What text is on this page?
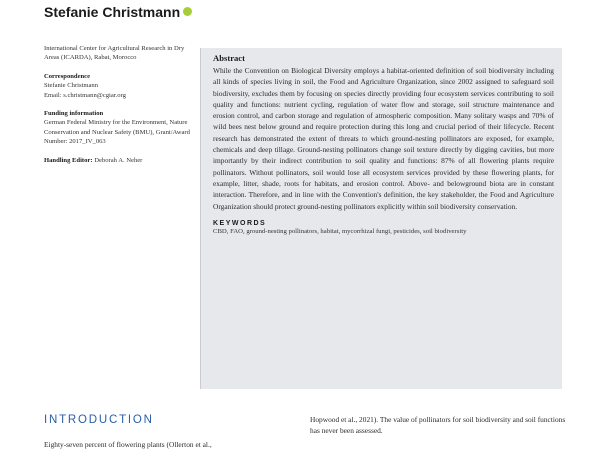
Stefanie Christmann
International Center for Agricultural Research in Dry Areas (ICARDA), Rabat, Morocco
Correspondence
Stefanie Christmann
Email: s.christmann@cgiar.org
Funding information
German Federal Ministry for the Environment, Nature Conservation and Nuclear Safety (BMU), Grant/Award Number: 2017_IV_063
Handling Editor: Deborah A. Neher
Abstract
While the Convention on Biological Diversity employs a habitat-oriented definition of soil biodiversity including all kinds of species living in soil, the Food and Agriculture Organization, since 2002 assigned to safeguard soil biodiversity, excludes them by focusing on species directly providing four ecosystem services contributing to soil quality and functions: nutrient cycling, regulation of water flow and storage, soil structure maintenance and erosion control, and carbon storage and regulation of atmospheric composition. Many solitary wasps and 70% of wild bees nest below ground and require protection during this long and crucial period of their lifecycle. Recent research has demonstrated the extent of threats to which ground-nesting pollinators are exposed, for example, chemicals and deep tillage. Ground-nesting pollinators change soil texture directly by digging cavities, but more importantly by their indirect contribution to soil quality and functions: 87% of all flowering plants require pollinators. Without pollinators, soil would lose all ecosystem services provided by these flowering plants, for example, litter, shade, roots for habitats, and erosion control. Above- and belowground biota are in constant interaction. Therefore, and in line with the Convention's definition, the key stakeholder, the Food and Agriculture Organization should protect ground-nesting pollinators explicitly within soil biodiversity conservation.
KEYWORDS
CBD, FAO, ground-nesting pollinators, habitat, mycorrhizal fungi, pesticides, soil biodiversity
INTRODUCTION
Eighty-seven percent of flowering plants (Ollerton et al.,
Hopwood et al., 2021). The value of pollinators for soil biodiversity and soil functions has never been assessed.
